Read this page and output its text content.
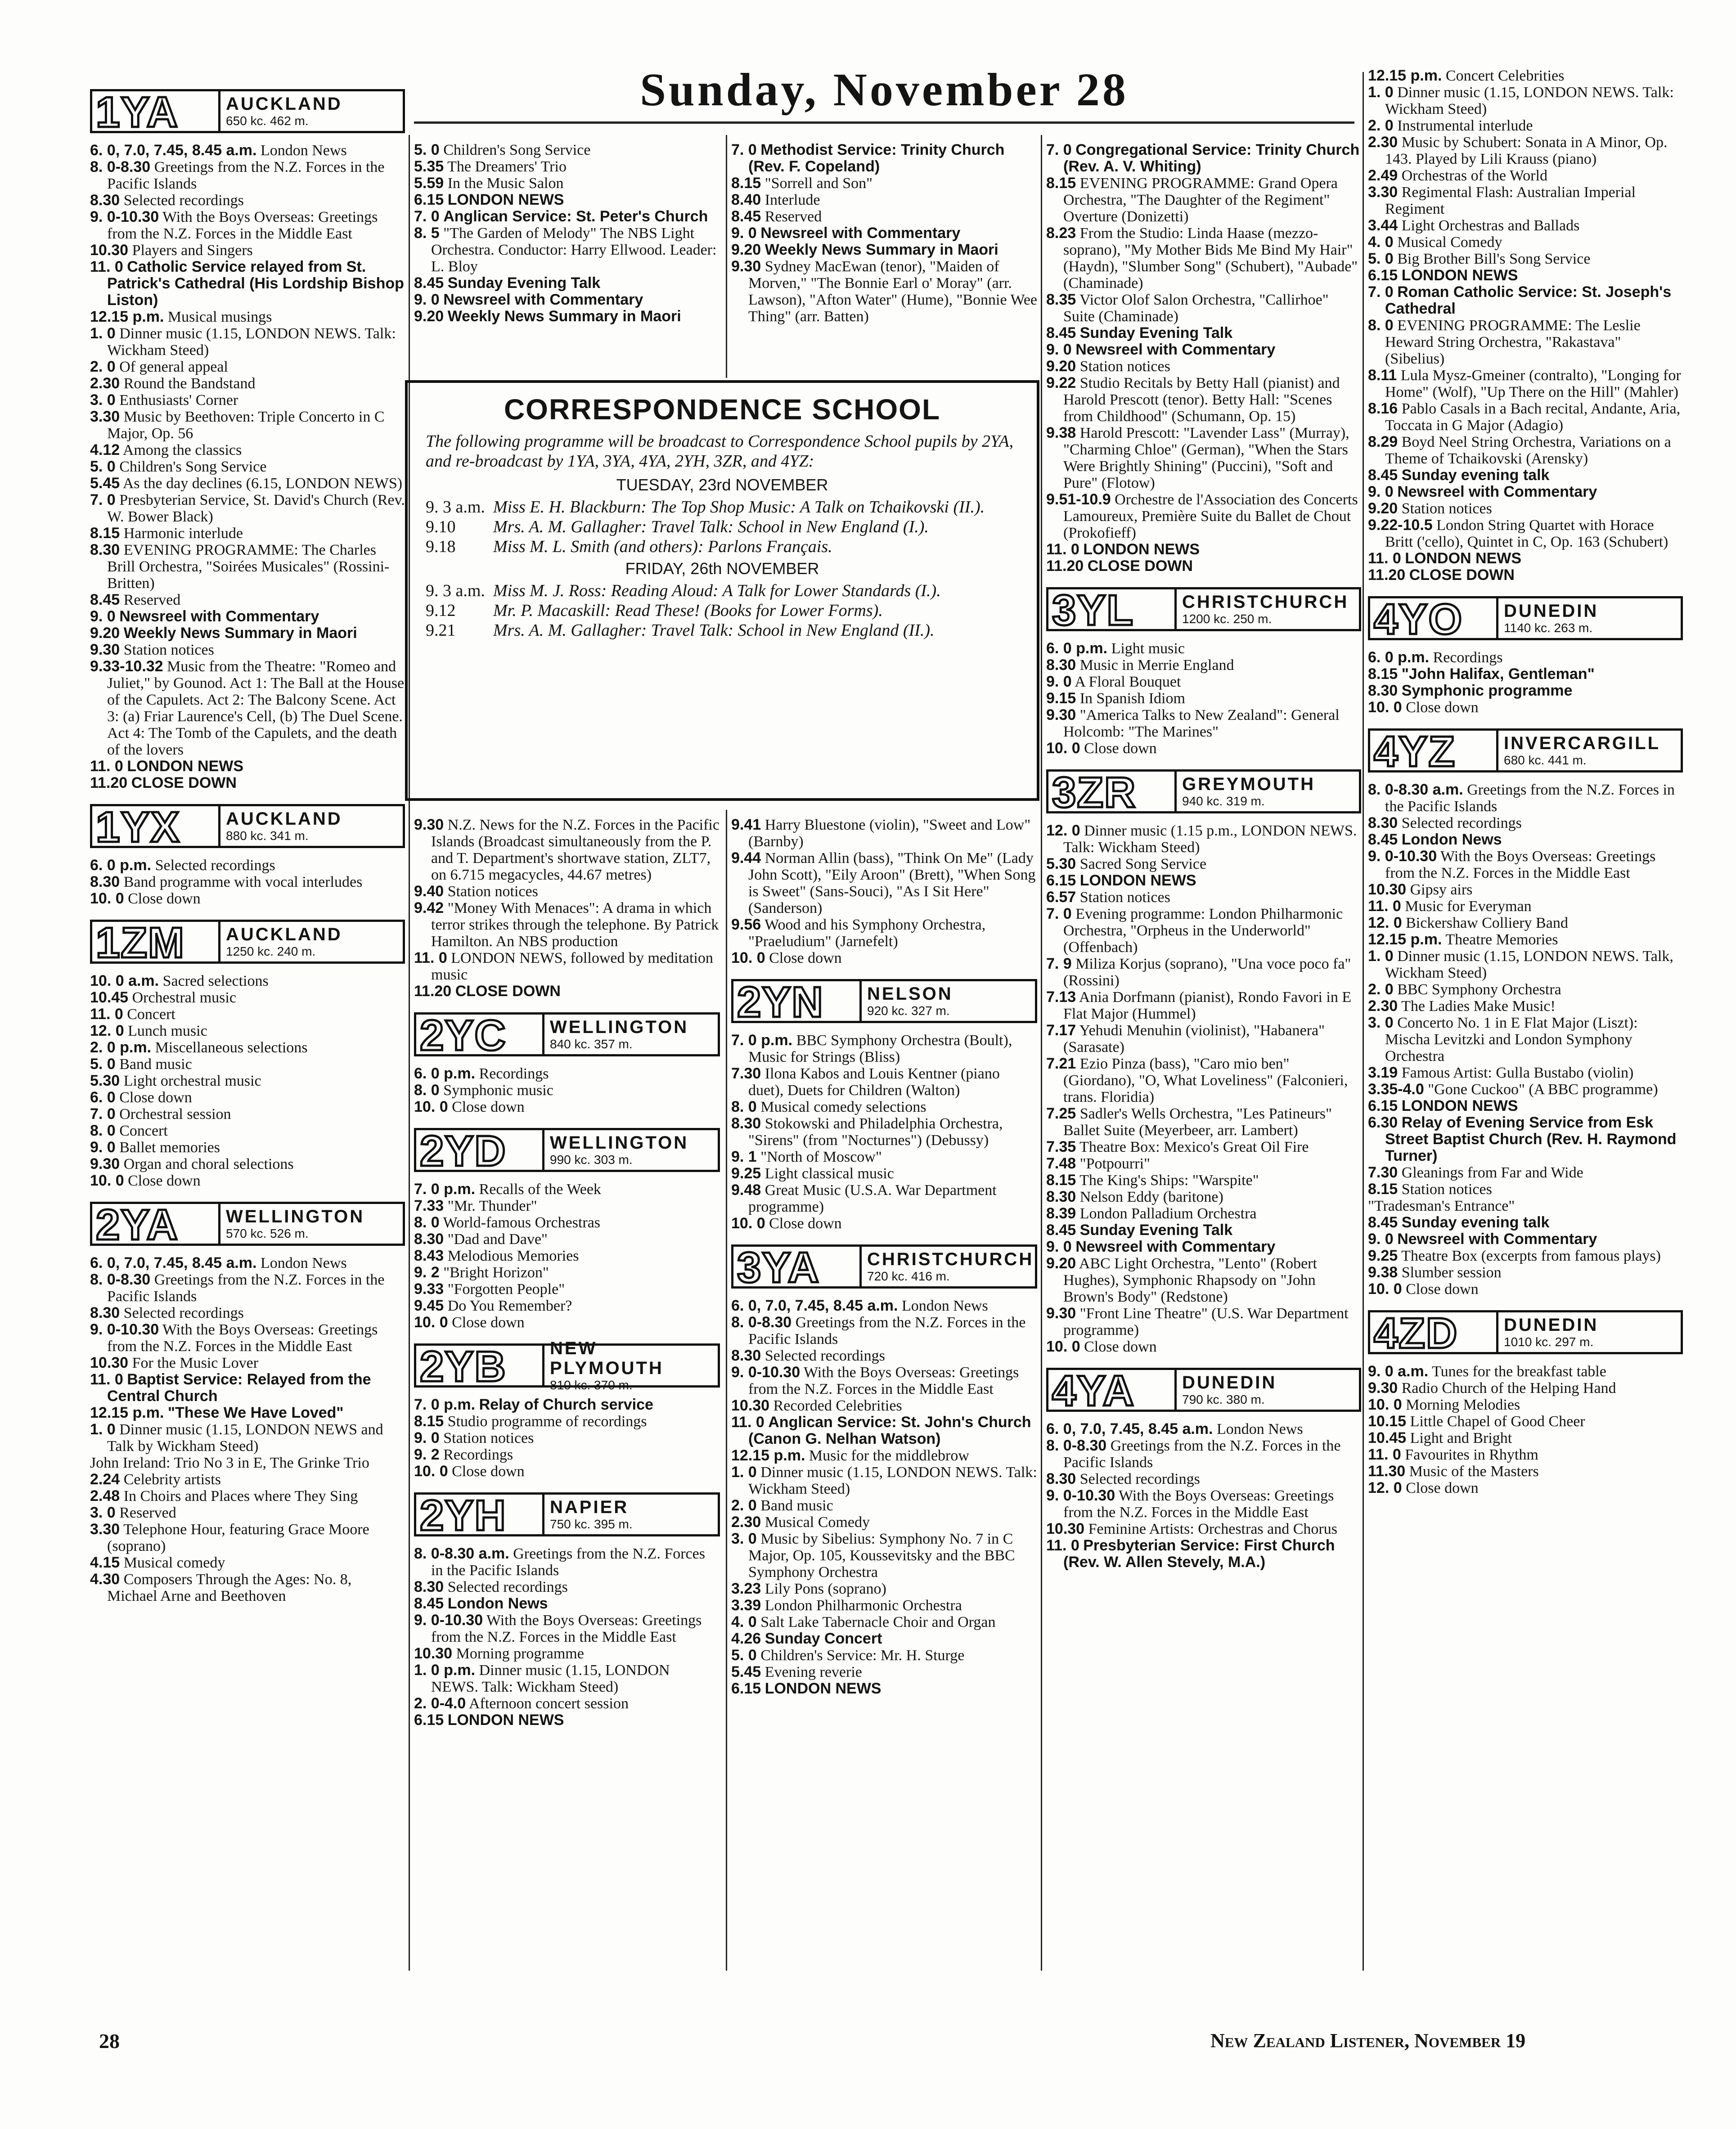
Sunday, November 28
1YA	AUCKLAND
650 kc. 462 m.

6. 0, 7.0, 7.45, 8.45 a.m. London News

8. 0-8.30 Greetings from the N.Z. Forces in the Pacific Islands

8.30 Selected recordings

9. 0-10.30 With the Boys Overseas: Greetings from the N.Z. Forces in the Middle East

10.30 Players and Singers

11. 0 Catholic Service relayed from St. Patrick's Cathedral (His Lordship Bishop Liston)

12.15 p.m. Musical musings

1. 0 Dinner music (1.15, LONDON NEWS. Talk: Wickham Steed)

2. 0 Of general appeal

2.30 Round the Bandstand

3. 0 Enthusiasts' Corner

3.30 Music by Beethoven: Triple Concerto in C Major, Op. 56

4.12 Among the classics

5. 0 Children's Song Service

5.45 As the day declines (6.15, LONDON NEWS)

7. 0 Presbyterian Service, St. David's Church (Rev. W. Bower Black)

8.15 Harmonic interlude

8.30 EVENING PROGRAMME: The Charles Brill Orchestra, "Soirées Musicales" (Rossini-Britten)

8.45 Reserved

9. 0 Newsreel with Commentary

9.20 Weekly News Summary in Maori

9.30 Station notices

9.33-10.32 Music from the Theatre: "Romeo and Juliet," by Gounod. Act 1: The Ball at the House of the Capulets. Act 2: The Balcony Scene. Act 3: (a) Friar Laurence's Cell, (b) The Duel Scene. Act 4: The Tomb of the Capulets, and the death of the lovers

11. 0 LONDON NEWS

11.20 CLOSE DOWN

1YX	AUCKLAND
880 kc. 341 m.

6. 0 p.m. Selected recordings

8.30 Band programme with vocal interludes

10. 0 Close down

1ZM AUCKLAND
1250 kc. 240 m.

10. 0 a.m. Sacred selections

10.45 Orchestral music

11. 0 Concert

12. 0 Lunch music

2. 0 p.m. Miscellaneous selections

5. 0 Band music

5.30 Light orchestral music

6. 0 Close down

7. 0 Orchestral session

8. 0 Concert

9. 0 Ballet memories

9.30 Organ and choral selections

10. 0 Close down

2YA	WELLINGTON
570 kc. 526 m.

6. 0, 7.0, 7.45, 8.45 a.m. London News

8. 0-8.30 Greetings from the N.Z. Forces in the Pacific Islands

8.30 Selected recordings

9. 0-10.30 With the Boys Overseas: Greetings from the N.Z. Forces in the Middle East

10.30 For the Music Lover

11. 0 Baptist Service: Relayed from the Central Church

12.15 p.m. "These We Have Loved"

1. 0 Dinner music (1.15, LONDON NEWS and Talk by Wickham Steed)

John Ireland: Trio No 3 in E, The Grinke Trio

2.24 Celebrity artists

2.48 In Choirs and Places where They Sing

3. 0 Reserved

3.30 Telephone Hour, featuring Grace Moore (soprano)

4.15 Musical comedy

4.30 Composers Through the Ages: No. 8, Michael Arne and Beethoven

5. 0 Children's Song Service

5.35 The Dreamers' Trio

5.59 In the Music Salon

6.15 LONDON NEWS

7. 0 Anglican Service: St. Peter's Church

8. 5 "The Garden of Melody" The NBS Light Orchestra. Conductor: Harry Ellwood. Leader: L. Bloy

8.45 Sunday Evening Talk

9. 0 Newsreel with Commentary

9.20 Weekly News Summary in Maori

7. 0 Methodist Service: Trinity Church (Rev. F. Copeland)

8.15 "Sorrell and Son"

8.40 Interlude

8.45 Reserved

9. 0 Newsreel with Commentary

9.20 Weekly News Summary in Maori

9.30 Sydney MacEwan (tenor), "Maiden of Morven," "The Bonnie Earl o' Moray" (arr. Lawson), "Afton Water" (Hume), "Bonnie Wee Thing" (arr. Batten)

7. 0 Congregational Service: Trinity Church (Rev. A. V. Whiting)

8.15 EVENING PROGRAMME: Grand Opera Orchestra, "The Daughter of the Regiment" Overture (Donizetti)

8.23 From the Studio: Linda Haase (mezzo-soprano), "My Mother Bids Me Bind My Hair" (Haydn), "Slumber Song" (Schubert), "Aubade" (Chaminade)

8.35 Victor Olof Salon Orchestra, "Callirhoe" Suite (Chaminade)

8.45 Sunday Evening Talk

9. 0 Newsreel with Commentary

9.20 Station notices

9.22 Studio Recitals by Betty Hall (pianist) and Harold Prescott (tenor). Betty Hall: "Scenes from Childhood" (Schumann, Op. 15)

9.38 Harold Prescott: "Lavender Lass" (Murray), "Charming Chloe" (German), "When the Stars Were Brightly Shining" (Puccini), "Soft and Pure" (Flotow)

9.51-10.9 Orchestre de l'Association des Concerts Lamoureux, Première Suite du Ballet de Chout (Prokofieff)

11. 0 LONDON NEWS

11.20 CLOSE DOWN

3YL	CHRISTCHURCH
1200 kc. 250 m.

6. 0 p.m. Light music

8.30 Music in Merrie England

9. 0 A Floral Bouquet

9.15 In Spanish Idiom

9.30 "America Talks to New Zealand": General Holcomb: "The Marines"

10. 0 Close down

3ZR	GREYMOUTH
940 kc. 319 m.

12. 0 Dinner music (1.15 p.m., LONDON NEWS. Talk: Wickham Steed)

5.30 Sacred Song Service

6.15 LONDON NEWS

6.57 Station notices

7. 0 Evening programme: London Philharmonic Orchestra, "Orpheus in the Underworld" (Offenbach)

7. 9 Miliza Korjus (soprano), "Una voce poco fa" (Rossini)

7.13 Ania Dorfmann (pianist), Rondo Favori in E Flat Major (Hummel)

7.17 Yehudi Menuhin (violinist), "Habanera" (Sarasate)

7.21 Ezio Pinza (bass), "Caro mio ben" (Giordano), "O, What Loveliness" (Falconieri, trans. Floridia)

7.25 Sadler's Wells Orchestra, "Les Patineurs" Ballet Suite (Meyerbeer, arr. Lambert)

7.35 Theatre Box: Mexico's Great Oil Fire

7.48 "Potpourri"

8.15 The King's Ships: "Warspite"

8.30 Nelson Eddy (baritone)

8.39 London Palladium Orchestra

8.45 Sunday Evening Talk

9. 0 Newsreel with Commentary

9.20 ABC Light Orchestra, "Lento" (Robert Hughes), Symphonic Rhapsody on "John Brown's Body" (Redstone)

9.30 "Front Line Theatre" (U.S. War Department programme)

10. 0 Close down

4YA	DUNEDIN
790 kc. 380 m.

6. 0, 7.0, 7.45, 8.45 a.m. London News

8. 0-8.30 Greetings from the N.Z. Forces in the Pacific Islands

8.30 Selected recordings

9. 0-10.30 With the Boys Overseas: Greetings from the N.Z. Forces in the Middle East

10.30 Feminine Artists: Orchestras and Chorus

11. 0 Presbyterian Service: First Church (Rev. W. Allen Stevely, M.A.)

12.15 p.m. Concert Celebrities

1. 0 Dinner music (1.15, LONDON NEWS. Talk: Wickham Steed)

2. 0 Instrumental interlude

2.30 Music by Schubert: Sonata in A Minor, Op. 143. Played by Lili Krauss (piano)

2.49 Orchestras of the World

3.30 Regimental Flash: Australian Imperial Regiment

3.44 Light Orchestras and Ballads

4. 0 Musical Comedy

5. 0 Big Brother Bill's Song Service

6.15 LONDON NEWS

7. 0 Roman Catholic Service: St. Joseph's Cathedral

8. 0 EVENING PROGRAMME: The Leslie Heward String Orchestra, "Rakastava" (Sibelius)

8.11 Lula Mysz-Gmeiner (contralto), "Longing for Home" (Wolf), "Up There on the Hill" (Mahler)

8.16 Pablo Casals in a Bach recital, Andante, Aria, Toccata in G Major (Adagio)

8.29 Boyd Neel String Orchestra, Variations on a Theme of Tchaikovski (Arensky)

8.45 Sunday evening talk

9. 0 Newsreel with Commentary

9.20 Station notices

9.22-10.5 London String Quartet with Horace Britt ('cello), Quintet in C, Op. 163 (Schubert)

11. 0 LONDON NEWS

11.20 CLOSE DOWN

4YO DUNEDIN
1140 kc. 263 m.

6. 0 p.m. Recordings

8.15 "John Halifax, Gentleman"

8.30 Symphonic programme

10. 0 Close down

4YZ	INVERCARGILL
680 kc. 441 m.

8. 0-8.30 a.m. Greetings from the N.Z. Forces in the Pacific Islands

8.30 Selected recordings

8.45 London News

9. 0-10.30 With the Boys Overseas: Greetings from the N.Z. Forces in the Middle East

10.30 Gipsy airs

11. 0 Music for Everyman

12. 0 Bickershaw Colliery Band

12.15 p.m. Theatre Memories

1. 0 Dinner music (1.15, LONDON NEWS. Talk, Wickham Steed)

2. 0 BBC Symphony Orchestra

2.30 The Ladies Make Music!

3. 0 Concerto No. 1 in E Flat Major (Liszt): Mischa Levitzki and London Symphony Orchestra

3.19 Famous Artist: Gulla Bustabo (violin)

3.35-4.0 "Gone Cuckoo" (A BBC programme)

6.15 LONDON NEWS

6.30 Relay of Evening Service from Esk Street Baptist Church (Rev. H. Raymond Turner)

7.30 Gleanings from Far and Wide

8.15 Station notices

"Tradesman's Entrance"

8.45 Sunday evening talk

9. 0 Newsreel with Commentary

9.25 Theatre Box (excerpts from famous plays)

9.38 Slumber session

10. 0 Close down

4ZD	DUNEDIN
1010 kc. 297 m.

9. 0 a.m. Tunes for the breakfast table

9.30 Radio Church of the Helping Hand

10. 0 Morning Melodies

10.15 Little Chapel of Good Cheer

10.45 Light and Bright

11. 0 Favourites in Rhythm

11.30 Music of the Masters

12. 0 Close down

CORRESPONDENCE SCHOOL

The following programme will be broadcast to Correspondence School pupils by 2YA, and re-broadcast by 1YA, 3YA, 4YA, 2YH, 3ZR, and 4YZ:

TUESDAY, 23rd NOVEMBER

9. 3 a.m. Miss E. H. Blackburn: The Top Shop Music: A Talk on Tchaikovski (II.).

9.10 Mrs. A. M. Gallagher: Travel Talk: School in New England (I.).

9.18 Miss M. L. Smith (and others): Parlons Français.

FRIDAY, 26th NOVEMBER

9. 3 a.m. Miss M. J. Ross: Reading Aloud: A Talk for Lower Standards (I.).

9.12 Mr. P. Macaskill: Read These! (Books for Lower Forms).

9.21 Mrs. A. M. Gallagher: Travel Talk: School in New England (II.).

9.30 N.Z. News for the N.Z. Forces in the Pacific Islands (Broadcast simultaneously from the P. and T. Department's shortwave station, ZLT7, on 6.715 megacycles, 44.67 metres)

9.40 Station notices

9.42 "Money With Menaces": A drama in which terror strikes through the telephone. By Patrick Hamilton. An NBS production

11. 0 LONDON NEWS, followed by meditation music

11.20 CLOSE DOWN

2YC WELLINGTON
840 kc. 357 m.

6. 0 p.m. Recordings

8. 0 Symphonic music

10. 0 Close down

2YD WELLINGTON
990 kc. 303 m.

7. 0 p.m. Recalls of the Week

7.33 "Mr. Thunder"

8. 0 World-famous Orchestras

8.30 "Dad and Dave"

8.43 Melodious Memories

9. 2 "Bright Horizon"

9.33 "Forgotten People"

9.45 Do You Remember?

10. 0 Close down

2YB NEW PLYMOUTH
810 kc. 370 m.

7. 0 p.m. Relay of Church service

8.15 Studio programme of recordings

9. 0 Station notices

9. 2 Recordings

10. 0 Close down

2YH NAPIER
750 kc. 395 m.

8. 0-8.30 a.m. Greetings from the N.Z. Forces in the Pacific Islands

8.30 Selected recordings

8.45 London News

9. 0-10.30 With the Boys Overseas: Greetings from the N.Z. Forces in the Middle East

10.30 Morning programme

1. 0 p.m. Dinner music (1.15, LONDON NEWS. Talk: Wickham Steed)

2. 0-4.0 Afternoon concert session

6.15 LONDON NEWS

9.41 Harry Bluestone (violin), "Sweet and Low" (Barnby)

9.44 Norman Allin (bass), "Think On Me" (Lady John Scott), "Eily Aroon" (Brett), "When Song is Sweet" (Sans-Souci), "As I Sit Here" (Sanderson)

9.56 Wood and his Symphony Orchestra, "Praeludium" (Jarnefelt)

10. 0 Close down

2YN NELSON
920 kc. 327 m.

7. 0 p.m. BBC Symphony Orchestra (Boult), Music for Strings (Bliss)

7.30 Ilona Kabos and Louis Kentner (piano duet), Duets for Children (Walton)

8. 0 Musical comedy selections

8.30 Stokowski and Philadelphia Orchestra, "Sirens" (from "Nocturnes") (Debussy)

9. 1 "North of Moscow"

9.25 Light classical music

9.48 Great Music (U.S.A. War Department programme)

10. 0 Close down

3YA	CHRISTCHURCH
720 kc. 416 m.

6. 0, 7.0, 7.45, 8.45 a.m. London News

8. 0-8.30 Greetings from the N.Z. Forces in the Pacific Islands

8.30 Selected recordings

9. 0-10.30 With the Boys Overseas: Greetings from the N.Z. Forces in the Middle East

10.30 Recorded Celebrities

11. 0 Anglican Service: St. John's Church (Canon G. Nelhan Watson)

12.15 p.m. Music for the middlebrow

1. 0 Dinner music (1.15, LONDON NEWS. Talk: Wickham Steed)

2. 0 Band music

2.30 Musical Comedy

3. 0 Music by Sibelius: Symphony No. 7 in C Major, Op. 105, Koussevitsky and the BBC Symphony Orchestra

3.23 Lily Pons (soprano)

3.39 London Philharmonic Orchestra

4. 0 Salt Lake Tabernacle Choir and Organ

4.26 Sunday Concert

5. 0 Children's Service: Mr. H. Sturge

5.45 Evening reverie

6.15 LONDON NEWS

28	New Zealand Listener, November 19
